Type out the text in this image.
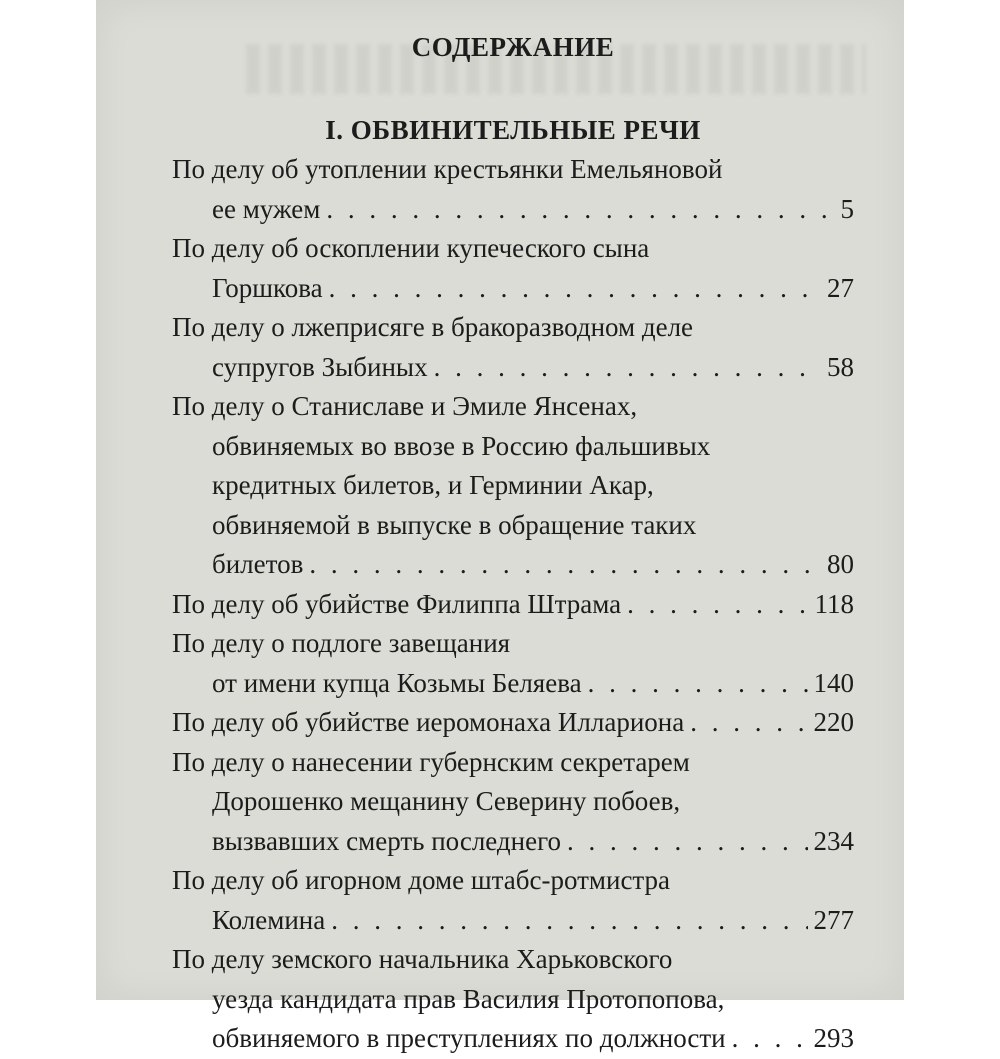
СОДЕРЖАНИЕ
I. ОБВИНИТЕЛЬНЫЕ РЕЧИ
По делу об утоплении крестьянки Емельяновой
ее мужем . . .	5
По делу об оскоплении купеческого сына
Горшкова . . .	27
По делу о лжеприсяге в бракоразводном деле
супругов Зыбиных . . .	58
По делу о Станиславе и Эмиле Янсенах,
обвиняемых во ввозе в Россию фальшивых
кредитных билетов, и Герминии Акар,
обвиняемой в выпуске в обращение таких
билетов . . .	80
По делу об убийстве Филиппа Штрама . . .	118
По делу о подлоге завещания
от имени купца Козьмы Беляева . . .	140
По делу об убийстве иеромонаха Иллариона . . .	220
По делу о нанесении губернским секретарем
Дорошенко мещанину Северину побоев,
вызвавших смерть последнего . . .	234
По делу об игорном доме штабс-ротмистра
Колемина . . .	277
По делу земского начальника Харьковского
уезда кандидата прав Василия Протопопова,
обвиняемого в преступлениях по должности . . .	293
